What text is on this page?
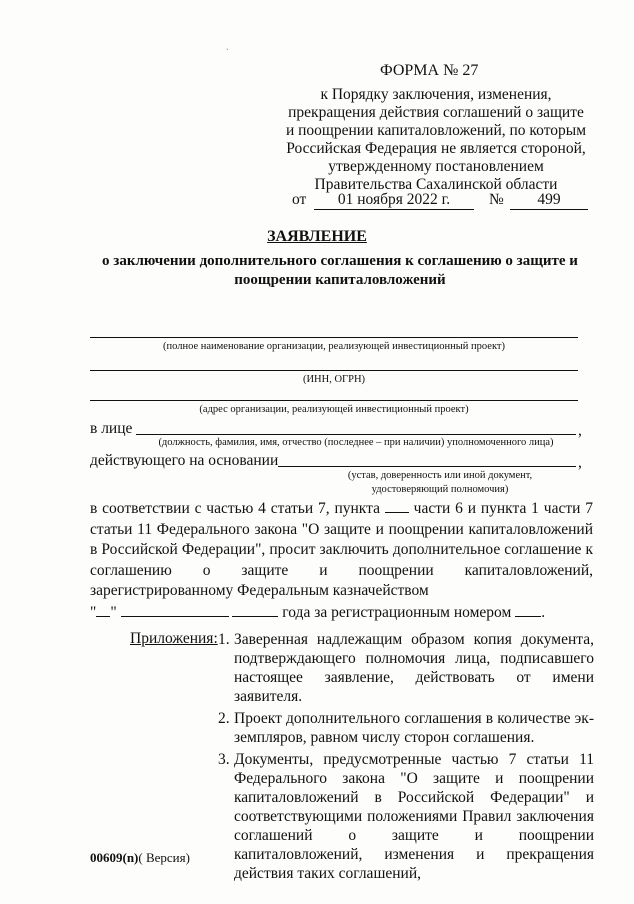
ˏ
ФОРМА № 27
к Порядку заключения, изменения, прекращения действия соглашений о защите и поощрении капиталовложений, по которым Российская Федерация не является стороной, утвержденному постановлением Правительства Сахалинской области
от	01 ноября 2022 г.	№	499
ЗАЯВЛЕНИЕ
о заключении дополнительного соглашения к соглашению о защите и поощрении капиталовложений
(полное наименование организации, реализующей инвестиционный проект)
(ИНН, ОГРН)
(адрес организации, реализующей инвестиционный проект)
в лице	,
(должность, фамилия, имя, отчество (последнее – при наличии) уполномоченного лица)
действующего на основании	,
(устав, доверенность или иной документ,
удостоверяющий полномочия)
в соответствии с частью 4 статьи 7, пункта части 6 и пункта 1 части 7 статьи 11 Федерального закона "О защите и поощрении капиталовложений в Российской Федерации", просит заключить дополнительное соглашение к соглашению о защите и поощрении капиталовложений, зарегистрированному Федеральным казначейством
" "	года за регистрационным номером .
Приложения: 1. Заверенная надлежащим образом копия документа, подтверждающего полномочия лица, подписавшего настоящее заявление, действовать от имени заявителя.
2. Проект дополнительного соглашения в количестве экземпляров, равном числу сторон соглашения.
3. Документы, предусмотренные частью 7 статьи 11 Федерального закона "О защите и поощрении капиталовложений в Российской Федерации" и соответствующими положениями Правил заключения соглашений о защите и поощрении капиталовложений, изменения и прекращения действия таких соглашений,
00609(n)( Версия)
